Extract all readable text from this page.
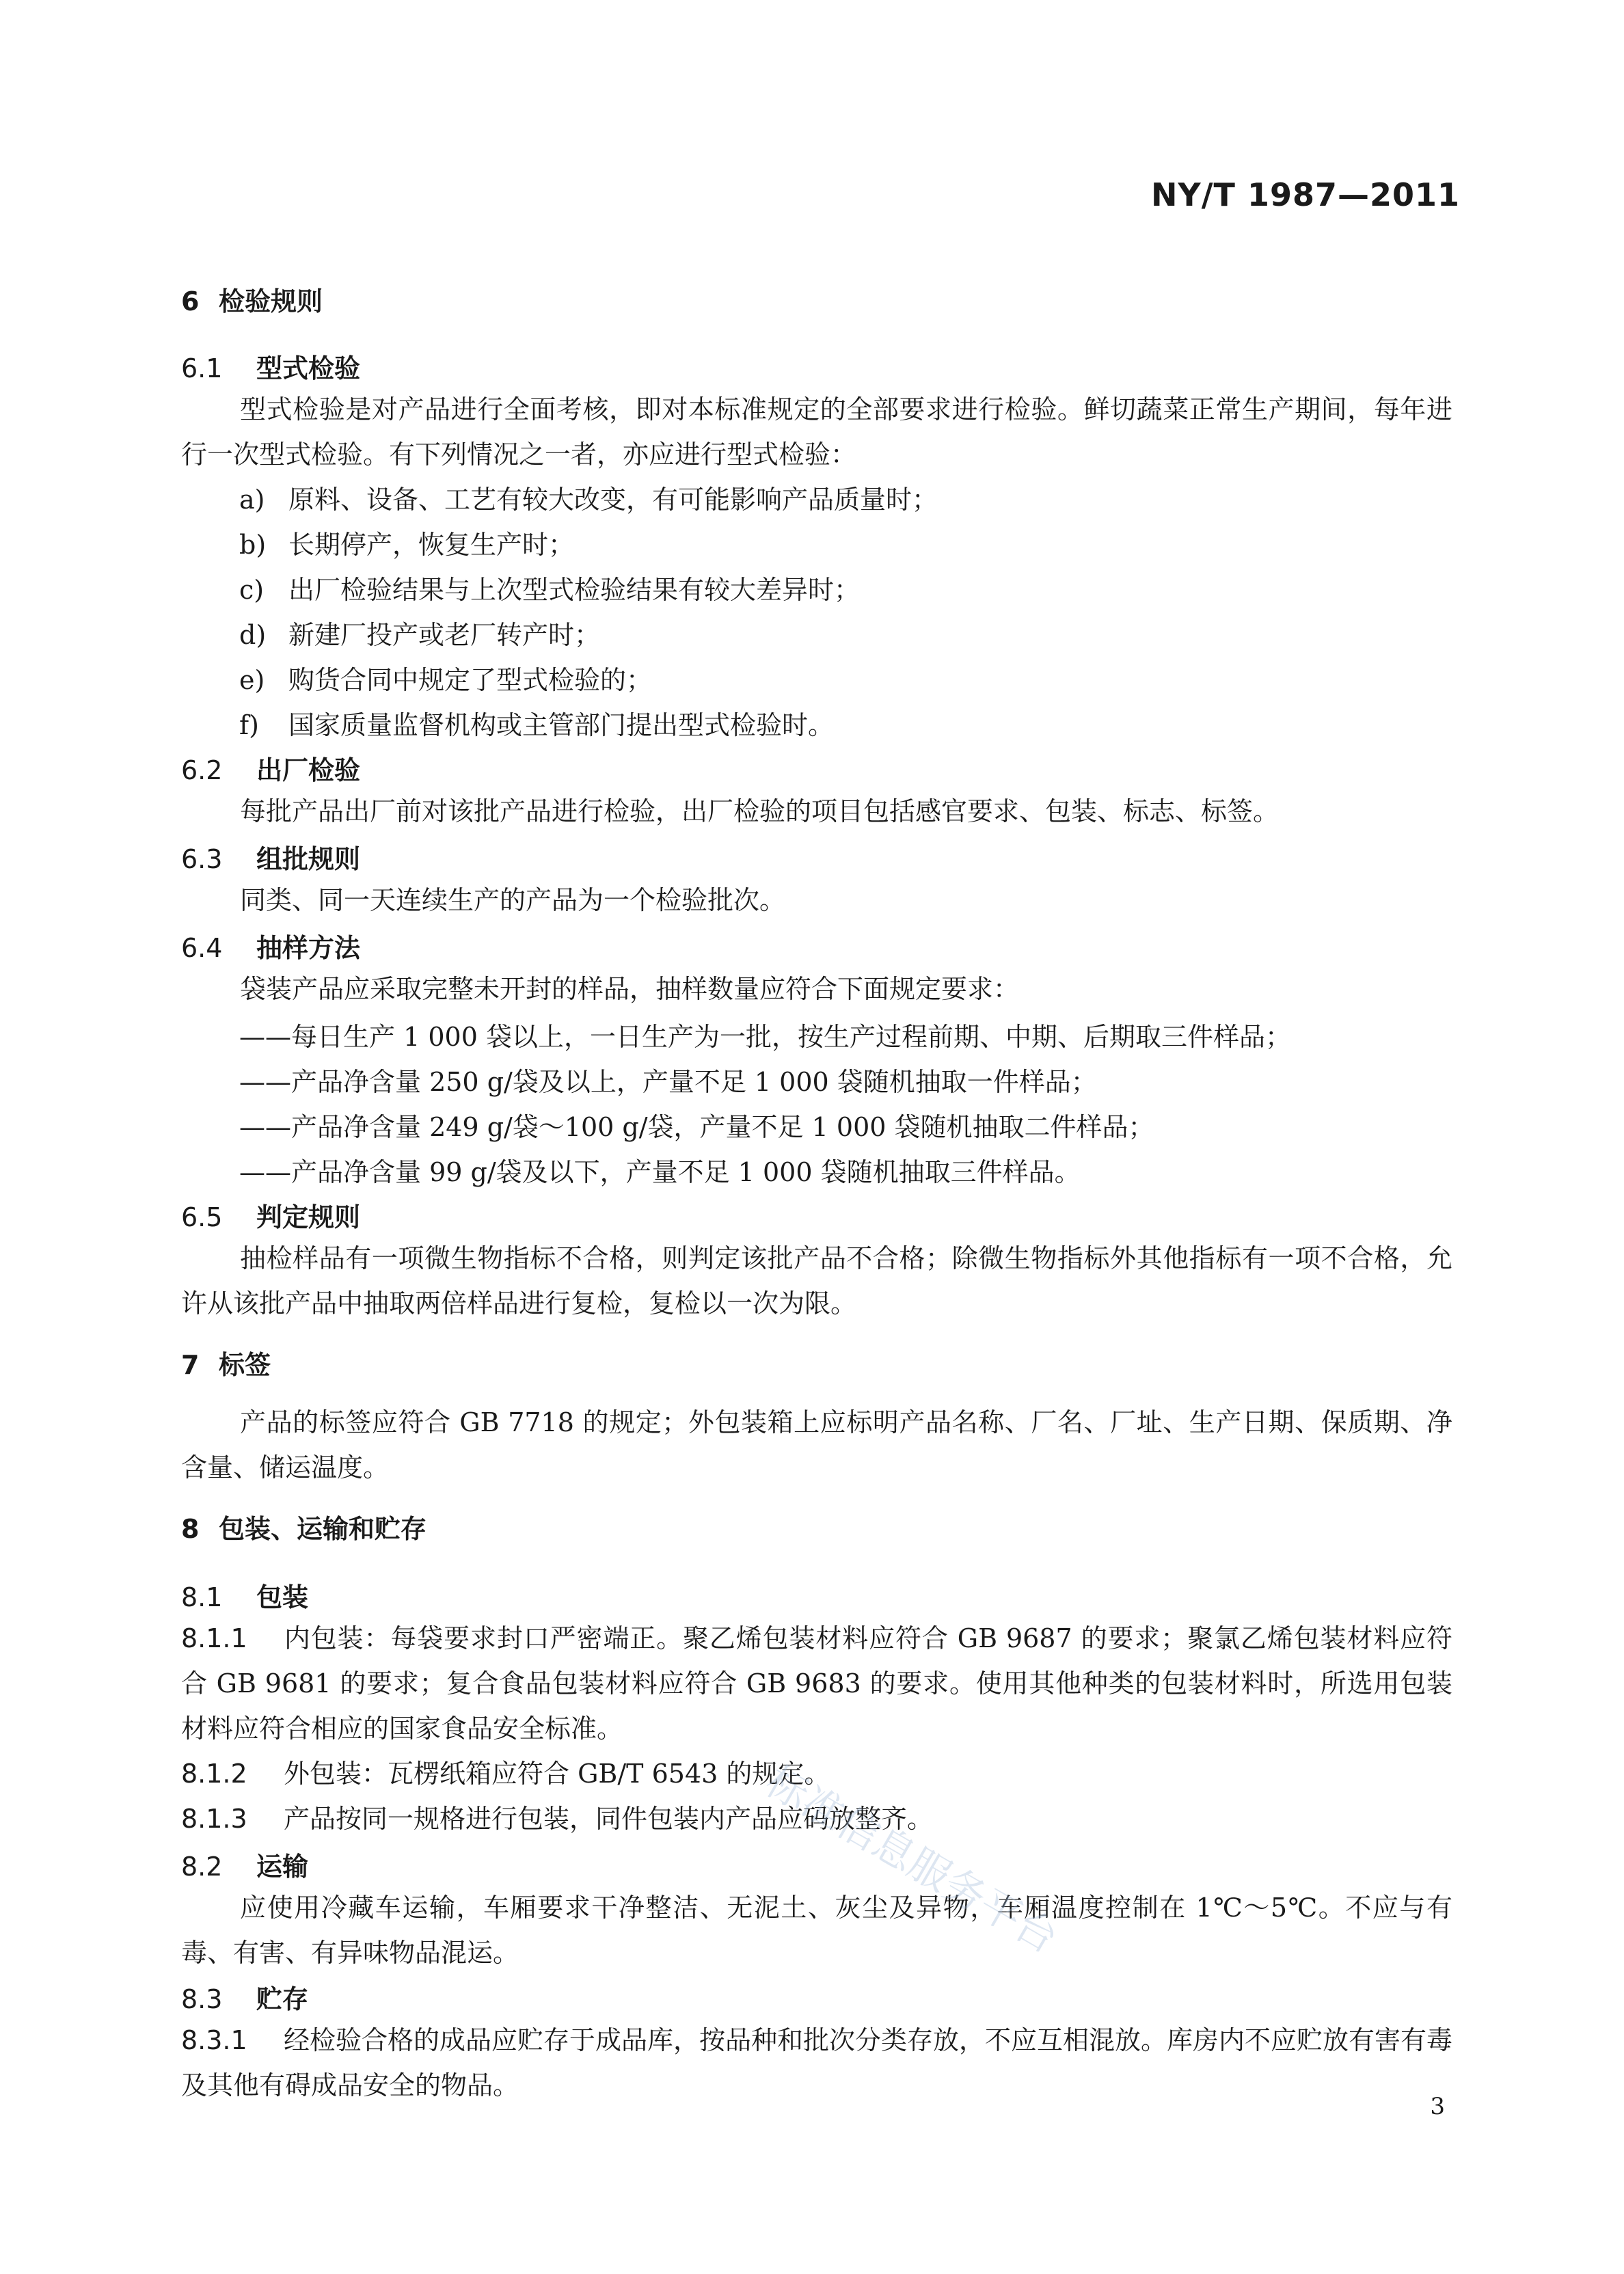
NY/T 1987—2011
6 检验规则
6.1 型式检验
型式检验是对产品进行全面考核，即对本标准规定的全部要求进行检验。鲜切蔬菜正常生产期间，每年进行一次型式检验。有下列情况之一者，亦应进行型式检验：
a) 原料、设备、工艺有较大改变，有可能影响产品质量时；
b) 长期停产，恢复生产时；
c) 出厂检验结果与上次型式检验结果有较大差异时；
d) 新建厂投产或老厂转产时；
e) 购货合同中规定了型式检验的；
f) 国家质量监督机构或主管部门提出型式检验时。
6.2 出厂检验
每批产品出厂前对该批产品进行检验，出厂检验的项目包括感官要求、包装、标志、标签。
6.3 组批规则
同类、同一天连续生产的产品为一个检验批次。
6.4 抽样方法
袋装产品应采取完整未开封的样品，抽样数量应符合下面规定要求：
——每日生产 1 000 袋以上，一日生产为一批，按生产过程前期、中期、后期取三件样品；
——产品净含量 250 g/袋及以上，产量不足 1 000 袋随机抽取一件样品；
——产品净含量 249 g/袋～100 g/袋，产量不足 1 000 袋随机抽取二件样品；
——产品净含量 99 g/袋及以下，产量不足 1 000 袋随机抽取三件样品。
6.5 判定规则
抽检样品有一项微生物指标不合格，则判定该批产品不合格；除微生物指标外其他指标有一项不合格，允许从该批产品中抽取两倍样品进行复检，复检以一次为限。
7 标签
产品的标签应符合 GB 7718 的规定；外包装箱上应标明产品名称、厂名、厂址、生产日期、保质期、净含量、储运温度。
8 包装、运输和贮存
8.1 包装
8.1.1 内包装：每袋要求封口严密端正。聚乙烯包装材料应符合 GB 9687 的要求；聚氯乙烯包装材料应符合 GB 9681 的要求；复合食品包装材料应符合 GB 9683 的要求。使用其他种类的包装材料时，所选用包装材料应符合相应的国家食品安全标准。
8.1.2 外包装：瓦楞纸箱应符合 GB/T 6543 的规定。
8.1.3 产品按同一规格进行包装，同件包装内产品应码放整齐。
8.2 运输
应使用冷藏车运输，车厢要求干净整洁、无泥土、灰尘及异物，车厢温度控制在 1℃～5℃。不应与有毒、有害、有异味物品混运。
8.3 贮存
8.3.1 经检验合格的成品应贮存于成品库，按品种和批次分类存放，不应互相混放。库房内不应贮放有害有毒及其他有碍成品安全的物品。
3
标准信息服务平台
